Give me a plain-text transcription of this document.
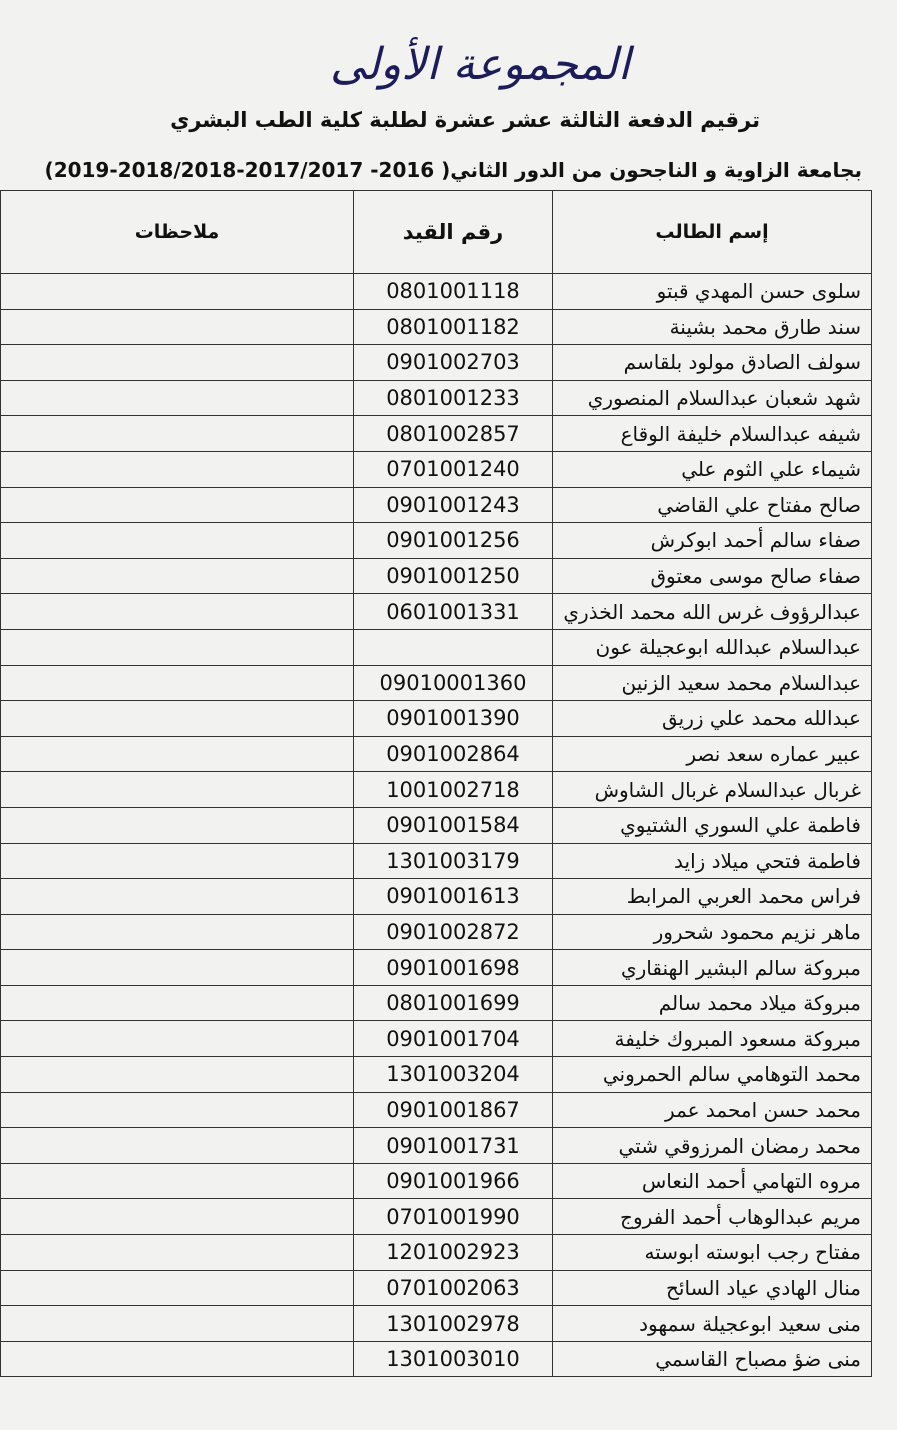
المجموعة الأولى
ترقيم الدفعة الثالثة عشر عشرة لطلبة كلية الطب البشري
بجامعة الزاوية و الناجحون من الدور الثاني( 2016- 2017/2017-2018/2018-2019)
إسم الطالب	رقم القيد	ملاحظات
سلوى حسن المهدي قبتو	0801001118	
سند طارق محمد بشينة	0801001182	
سولف الصادق مولود بلقاسم	0901002703	
شهد شعبان عبدالسلام المنصوري	0801001233	
شيفه عبدالسلام خليفة الوقاع	0801002857	
شيماء علي الثوم علي	0701001240	
صالح مفتاح علي القاضي	0901001243	
صفاء سالم أحمد ابوكرش	0901001256	
صفاء صالح موسى معتوق	0901001250	
عبدالرؤوف غرس الله محمد الخذري	0601001331	
عبدالسلام عبدالله ابوعجيلة عون		
عبدالسلام محمد سعيد الزنين	09010001360	
عبدالله محمد علي زريق	0901001390	
عبير عماره سعد نصر	0901002864	
غربال عبدالسلام غربال الشاوش	1001002718	
فاطمة علي السوري الشتيوي	0901001584	
فاطمة فتحي ميلاد زايد	1301003179	
فراس محمد العربي المرابط	0901001613	
ماهر نزيم محمود شحرور	0901002872	
مبروكة سالم البشير الهنقاري	0901001698	
مبروكة ميلاد محمد سالم	0801001699	
مبروكة مسعود المبروك خليفة	0901001704	
محمد التوهامي سالم الحمروني	1301003204	
محمد حسن امحمد عمر	0901001867	
محمد رمضان المرزوقي شتي	0901001731	
مروه التهامي أحمد النعاس	0901001966	
مريم عبدالوهاب أحمد الفروج	0701001990	
مفتاح رجب ابوسته ابوسته	1201002923	
منال الهادي عياد السائح	0701002063	
منى سعيد ابوعجيلة سمهود	1301002978	
منى ضؤ مصباح القاسمي	1301003010	
